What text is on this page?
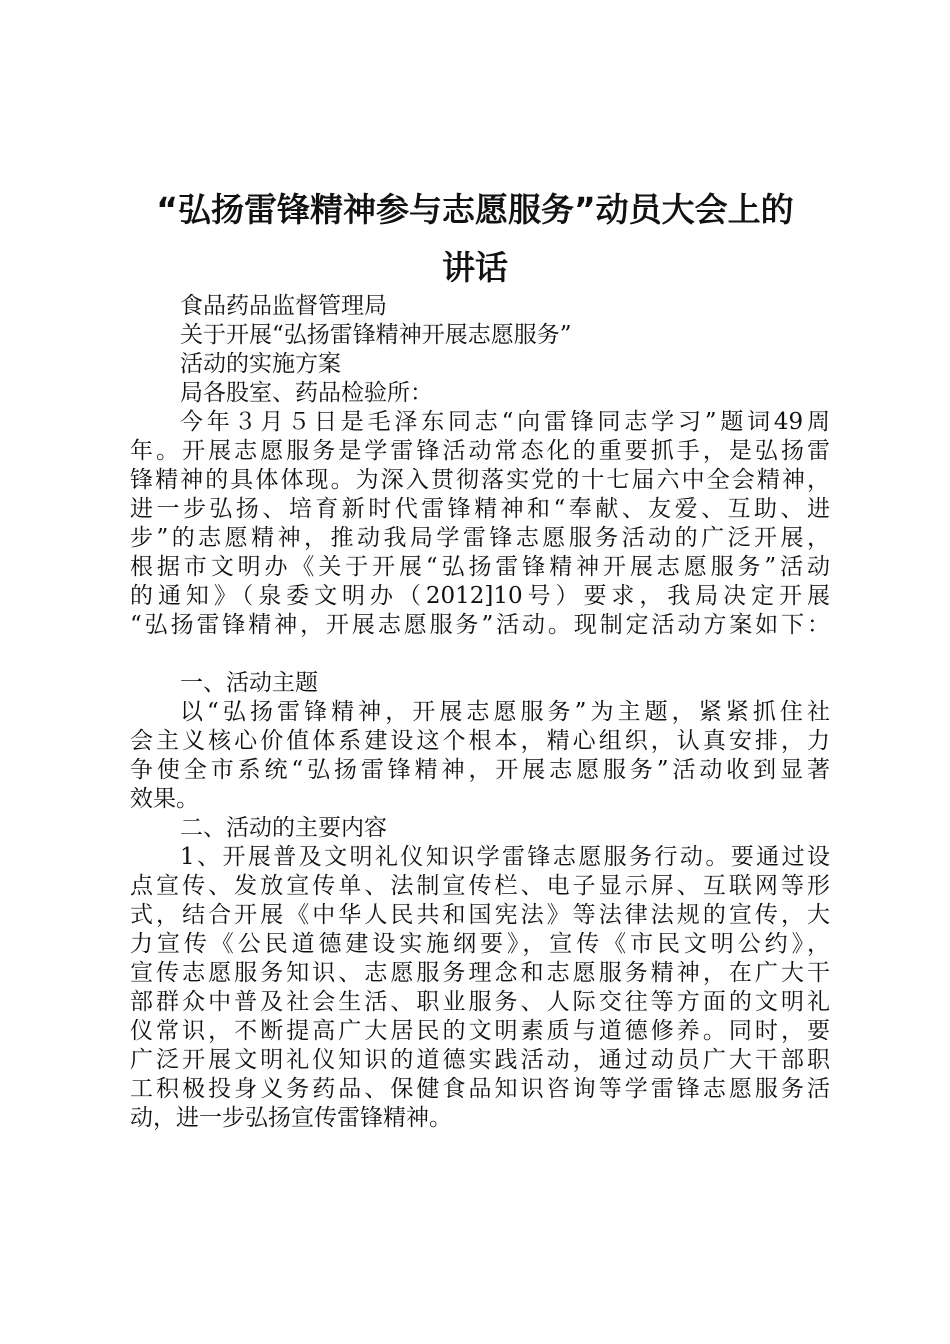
“弘扬雷锋精神参与志愿服务”动员大会上的
讲话
食品药品监督管理局
关于开展“弘扬雷锋精神开展志愿服务”
活动的实施方案
局各股室、药品检验所：
今年３月５日是毛泽东同志“向雷锋同志学习”题词49周
年。开展志愿服务是学雷锋活动常态化的重要抓手，是弘扬雷
锋精神的具体体现。为深入贯彻落实党的十七届六中全会精神，
进一步弘扬、培育新时代雷锋精神和“奉献、友爱、互助、进
步”的志愿精神，推动我局学雷锋志愿服务活动的广泛开展，
根据市文明办《关于开展“弘扬雷锋精神开展志愿服务”活动
的通知》（泉委文明办（2012]10号）要求，我局决定开展
“弘扬雷锋精神，开展志愿服务”活动。现制定活动方案如下：
一、活动主题
以“弘扬雷锋精神，开展志愿服务”为主题，紧紧抓住社
会主义核心价值体系建设这个根本，精心组织，认真安排，力
争使全市系统“弘扬雷锋精神，开展志愿服务”活动收到显著
效果。
二、活动的主要内容
1、开展普及文明礼仪知识学雷锋志愿服务行动。要通过设
点宣传、发放宣传单、法制宣传栏、电子显示屏、互联网等形
式，结合开展《中华人民共和国宪法》等法律法规的宣传，大
力宣传《公民道德建设实施纲要》，宣传《市民文明公约》，
宣传志愿服务知识、志愿服务理念和志愿服务精神，在广大干
部群众中普及社会生活、职业服务、人际交往等方面的文明礼
仪常识，不断提高广大居民的文明素质与道德修养。同时，要
广泛开展文明礼仪知识的道德实践活动，通过动员广大干部职
工积极投身义务药品、保健食品知识咨询等学雷锋志愿服务活
动，进一步弘扬宣传雷锋精神。
